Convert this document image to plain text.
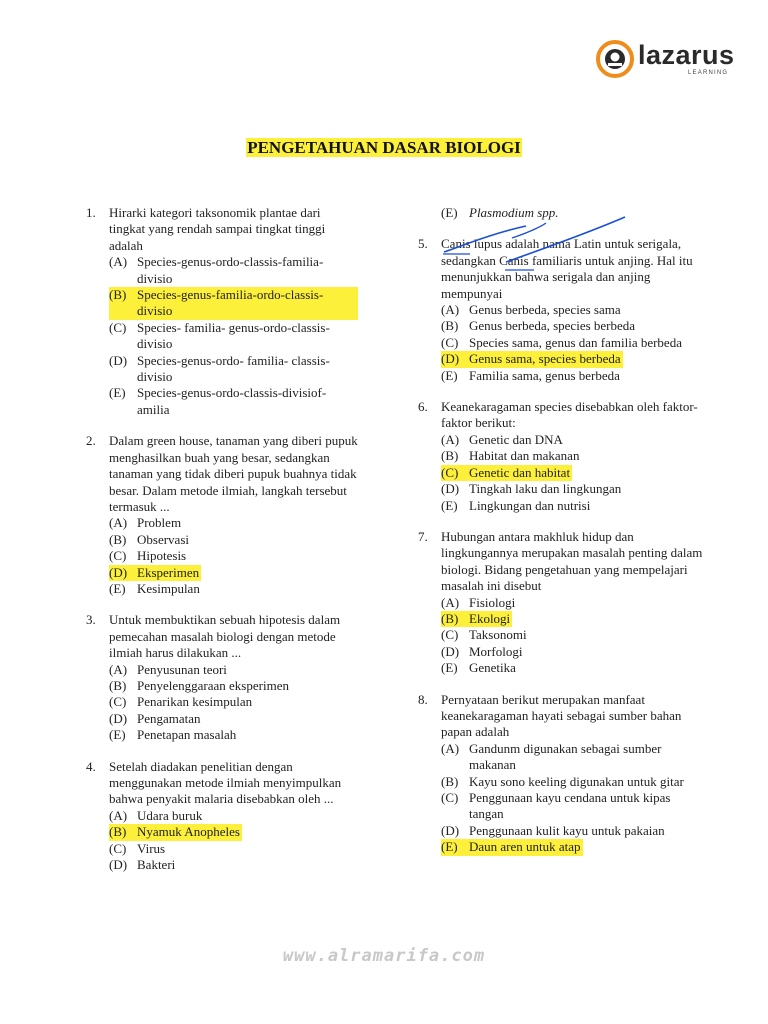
lazarus
LEARNING
PENGETAHUAN DASAR BIOLOGI
1. Hirarki kategori taksonomik plantae dari tingkat yang rendah sampai tingkat tinggi adalah
(A) Species-genus-ordo-classis-familia-divisio
(B) Species-genus-familia-ordo-classis-divisio
(C) Species- familia- genus-ordo-classis-divisio
(D) Species-genus-ordo- familia- classis-divisio
(E) Species-genus-ordo-classis-divisiof-amilia
2. Dalam green house, tanaman yang diberi pupuk menghasilkan buah yang besar, sedangkan tanaman yang tidak diberi pupuk buahnya tidak besar. Dalam metode ilmiah, langkah tersebut termasuk ...
(A) Problem
(B) Observasi
(C) Hipotesis
(D) Eksperimen
(E) Kesimpulan
3. Untuk membuktikan sebuah hipotesis dalam pemecahan masalah biologi dengan metode ilmiah harus dilakukan ...
(A) Penyusunan teori
(B) Penyelenggaraan eksperimen
(C) Penarikan kesimpulan
(D) Pengamatan
(E) Penetapan masalah
4. Setelah diadakan penelitian dengan menggunakan metode ilmiah menyimpulkan bahwa penyakit malaria disebabkan oleh ...
(A) Udara buruk
(B) Nyamuk Anopheles
(C) Virus
(D) Bakteri
(E) Plasmodium spp.
5. Canis lupus adalah nama Latin untuk serigala, sedangkan Canis familiaris untuk anjing. Hal itu menunjukkan bahwa serigala dan anjing mempunyai
(A) Genus berbeda, species sama
(B) Genus berbeda, species berbeda
(C) Species sama, genus dan familia berbeda
(D) Genus sama, species berbeda
(E) Familia sama, genus berbeda
6. Keanekaragaman species disebabkan oleh faktor-faktor berikut:
(A) Genetic dan DNA
(B) Habitat dan makanan
(C) Genetic dan habitat
(D) Tingkah laku dan lingkungan
(E) Lingkungan dan nutrisi
7. Hubungan antara makhluk hidup dan lingkungannya merupakan masalah penting dalam biologi. Bidang pengetahuan yang mempelajari masalah ini disebut
(A) Fisiologi
(B) Ekologi
(C) Taksonomi
(D) Morfologi
(E) Genetika
8. Pernyataan berikut merupakan manfaat keanekaragaman hayati sebagai sumber bahan papan adalah
(A) Gandunm digunakan sebagai sumber makanan
(B) Kayu sono keeling digunakan untuk gitar
(C) Penggunaan kayu cendana untuk kipas tangan
(D) Penggunaan kulit kayu untuk pakaian
(E) Daun aren untuk atap
www.alramarifa.com
